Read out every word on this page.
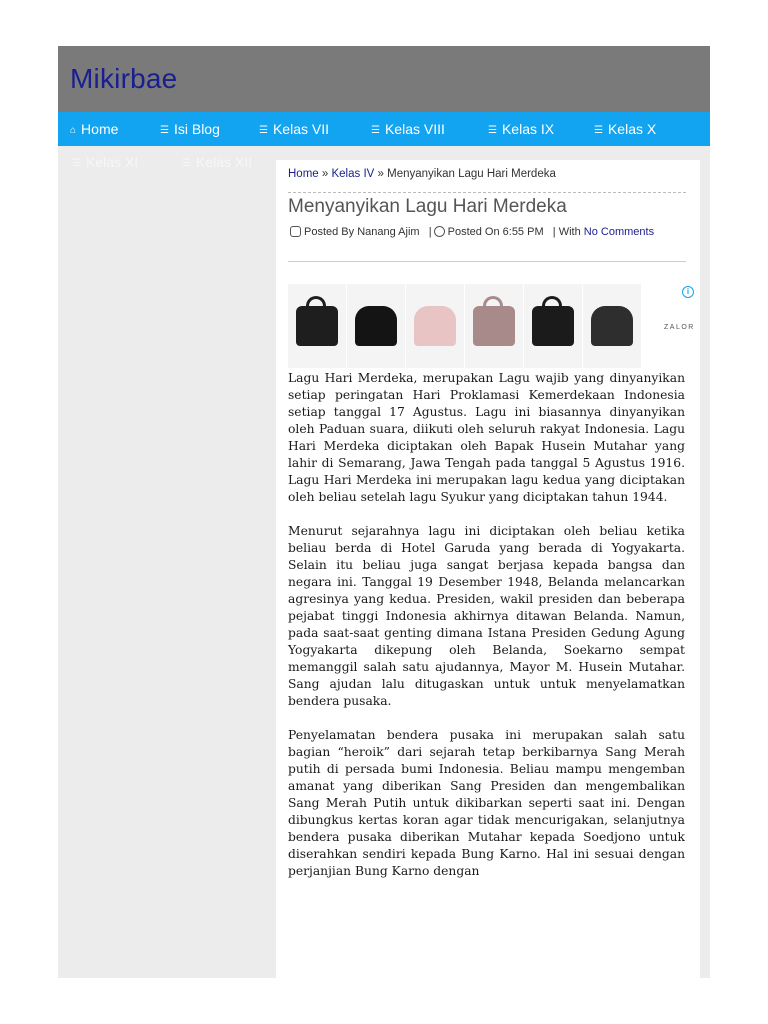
Mikirbae
⌂ Home	☰ Isi Blog	☰ Kelas VII	☰ Kelas VIII	☰ Kelas IX	☰ Kelas X
☰ Kelas XI	☰ Kelas XII
Home » Kelas IV » Menyanyikan Lagu Hari Merdeka
Menyanyikan Lagu Hari Merdeka
Posted By Nanang Ajim | Posted On 6:55 PM | With No Comments
ZALOR
i

Lagu Hari Merdeka, merupakan Lagu wajib yang dinyanyikan setiap peringatan Hari Proklamasi Kemerdekaan Indonesia setiap tanggal 17 Agustus. Lagu ini biasannya dinyanyikan oleh Paduan suara, diikuti oleh seluruh rakyat Indonesia. Lagu Hari Merdeka diciptakan oleh Bapak Husein Mutahar yang lahir di Semarang, Jawa Tengah pada tanggal 5 Agustus 1916. Lagu Hari Merdeka ini merupakan lagu kedua yang diciptakan oleh beliau setelah lagu Syukur yang diciptakan tahun 1944.

Menurut sejarahnya lagu ini diciptakan oleh beliau ketika beliau berda di Hotel Garuda yang berada di Yogyakarta. Selain itu beliau juga sangat berjasa kepada bangsa dan negara ini. Tanggal 19 Desember 1948, Belanda melancarkan agresinya yang kedua. Presiden, wakil presiden dan beberapa pejabat tinggi Indonesia akhirnya ditawan Belanda. Namun, pada saat-saat genting dimana Istana Presiden Gedung Agung Yogyakarta dikepung oleh Belanda, Soekarno sempat memanggil salah satu ajudannya, Mayor M. Husein Mutahar. Sang ajudan lalu ditugaskan untuk untuk menyelamatkan bendera pusaka.

Penyelamatan bendera pusaka ini merupakan salah satu bagian “heroik” dari sejarah tetap berkibarnya Sang Merah putih di persada bumi Indonesia. Beliau mampu mengemban amanat yang diberikan Sang Presiden dan mengembalikan Sang Merah Putih untuk dikibarkan seperti saat ini. Dengan dibungkus kertas koran agar tidak mencurigakan, selanjutnya bendera pusaka diberikan Mutahar kepada Soedjono untuk diserahkan sendiri kepada Bung Karno. Hal ini sesuai dengan perjanjian Bung Karno dengan
